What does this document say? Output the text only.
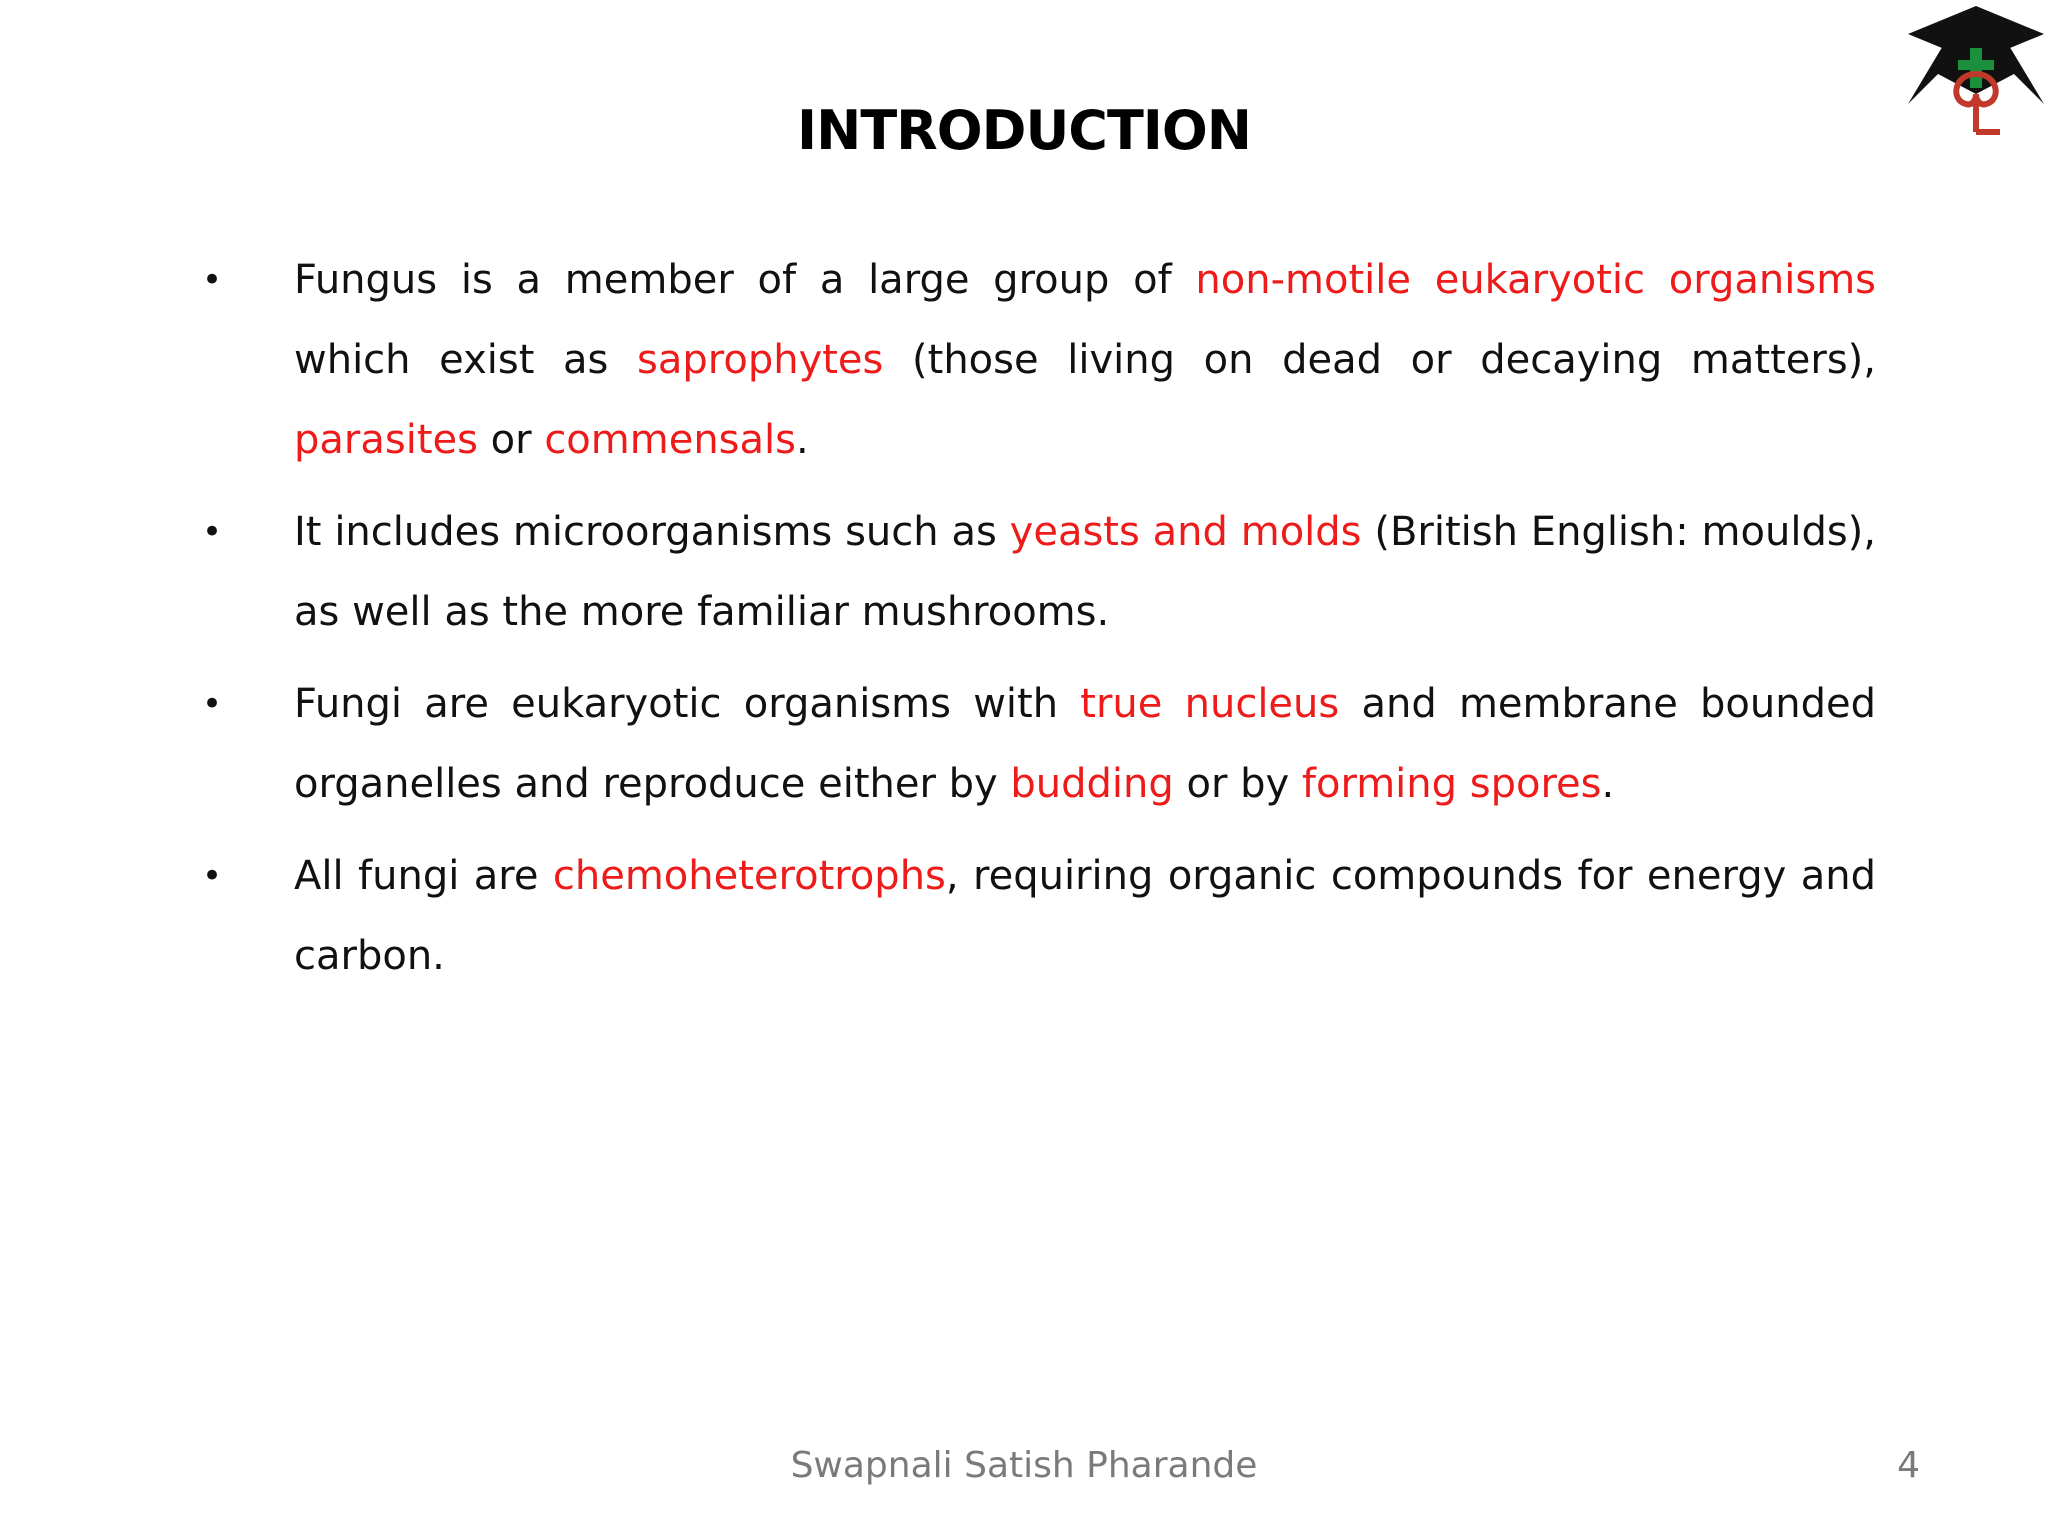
INTRODUCTION
•	Fungus is a member of a large group of non-motile eukaryotic organisms which exist as saprophytes (those living on dead or decaying matters), parasites or commensals.
•	It includes microorganisms such as yeasts and molds (British English: moulds), as well as the more familiar mushrooms.
•	Fungi are eukaryotic organisms with true nucleus and membrane bounded organelles and reproduce either by budding or by forming spores.
•	All fungi are chemoheterotrophs, requiring organic compounds for energy and carbon.
Swapnali Satish Pharande	4
